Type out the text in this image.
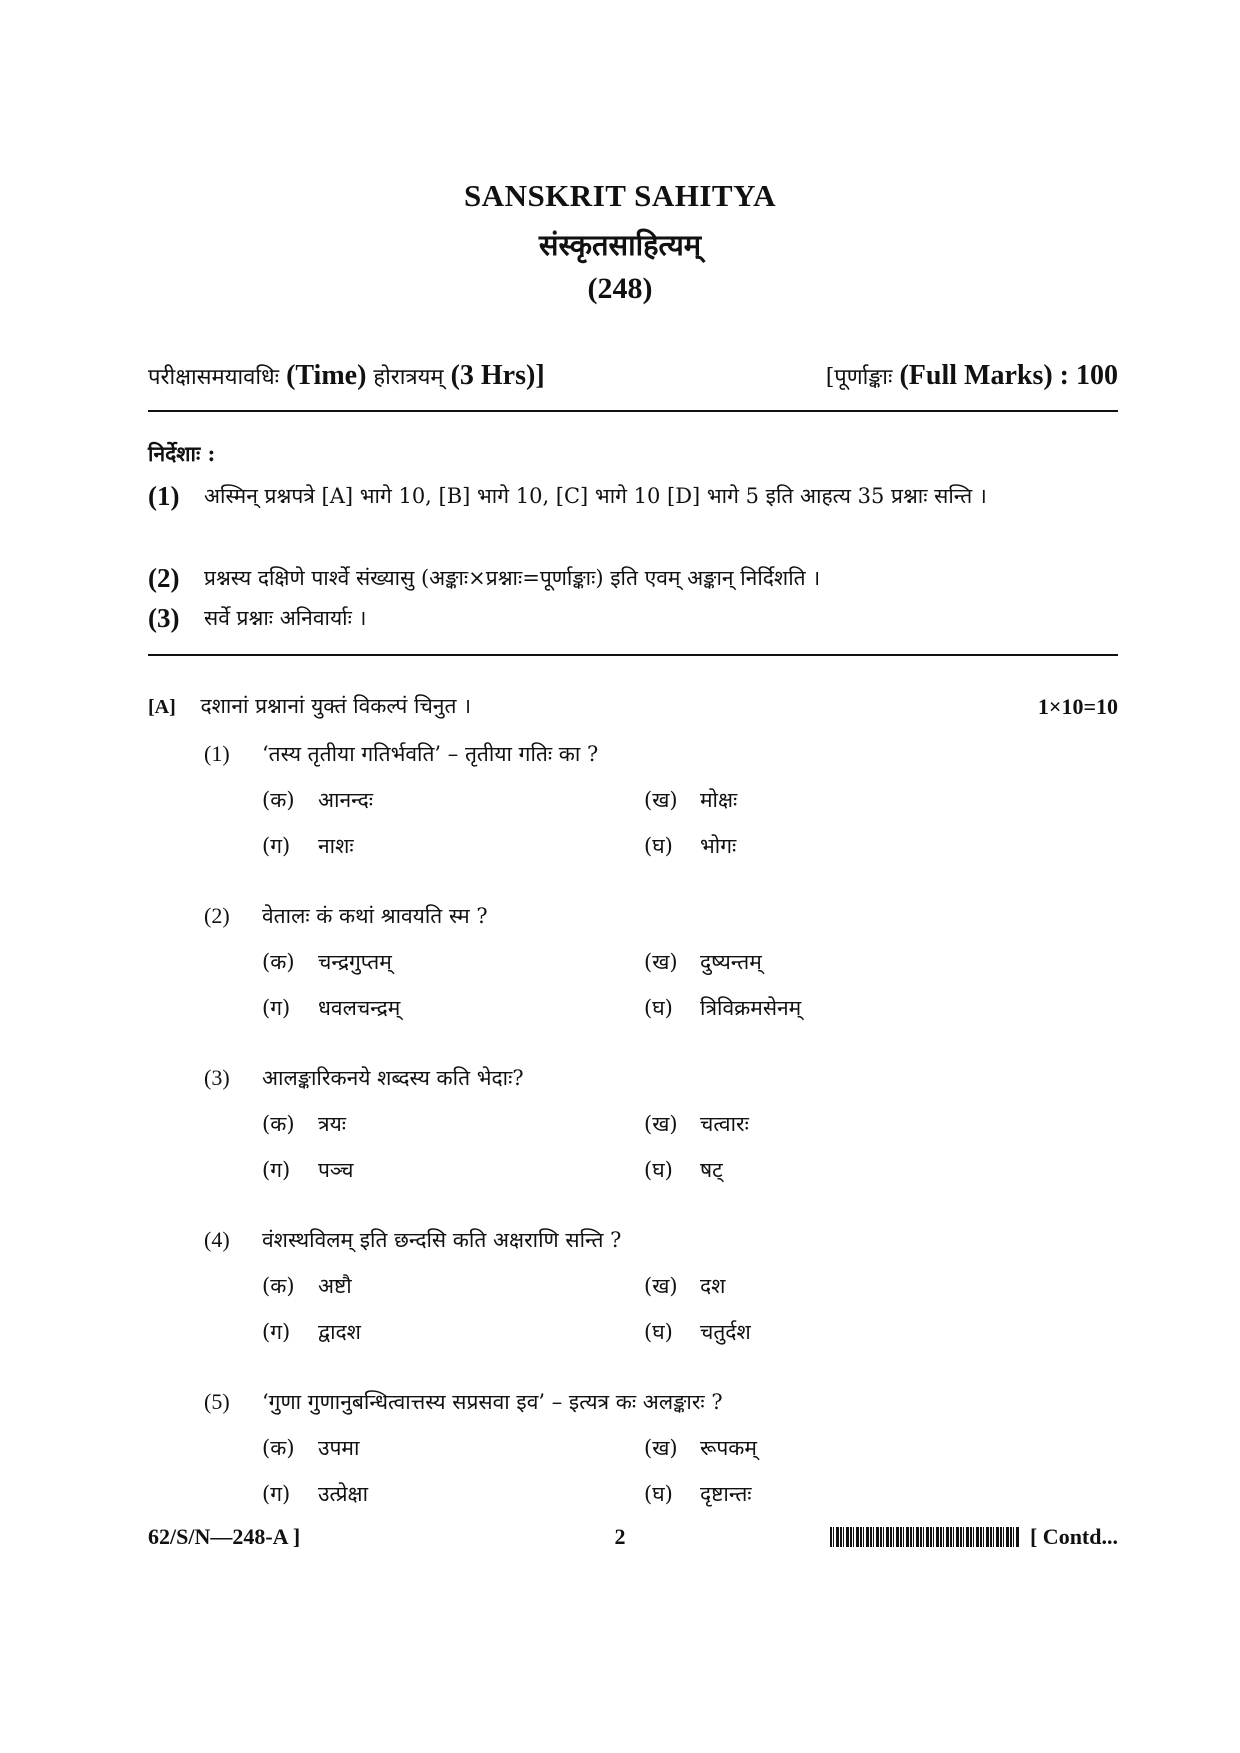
SANSKRIT SAHITYA
संस्कृतसाहित्यम्
(248)
परीक्षासमयावधिः (Time) होरात्रयम् (3 Hrs)]	[पूर्णाङ्काः (Full Marks) : 100
निर्देशाः :
(1) अस्मिन् प्रश्नपत्रे [A] भागे 10, [B] भागे 10, [C] भागे 10 [D] भागे 5 इति आहत्य 35 प्रश्नाः सन्ति ।
(2) प्रश्नस्य दक्षिणे पार्श्वे संख्यासु (अङ्काः×प्रश्नाः=पूर्णाङ्काः) इति एवम् अङ्कान् निर्दिशति ।
(3) सर्वे प्रश्नाः अनिवार्याः ।
[A] दशानां प्रश्नानां युक्तं विकल्पं चिनुत ।	1×10=10
(1) ‘तस्य तृतीया गतिर्भवति’ – तृतीया गतिः का ?
(क) आनन्दः	(ख) मोक्षः
(ग) नाशः	(घ) भोगः
(2) वेतालः कं कथां श्रावयति स्म ?
(क) चन्द्रगुप्तम्	(ख) दुष्यन्तम्
(ग) धवलचन्द्रम्	(घ) त्रिविक्रमसेनम्
(3) आलङ्कारिकनये शब्दस्य कति भेदाः?
(क) त्रयः	(ख) चत्वारः
(ग) पञ्च	(घ) षट्
(4) वंशस्थविलम् इति छन्दसि कति अक्षराणि सन्ति ?
(क) अष्टौ	(ख) दश
(ग) द्वादश	(घ) चतुर्दश
(5) ‘गुणा गुणानुबन्धित्वात्तस्य सप्रसवा इव’ – इत्यत्र कः अलङ्कारः ?
(क) उपमा	(ख) रूपकम्
(ग) उत्प्रेक्षा	(घ) दृष्टान्तः
62/S/N—248-A ]	2	[ Contd...
